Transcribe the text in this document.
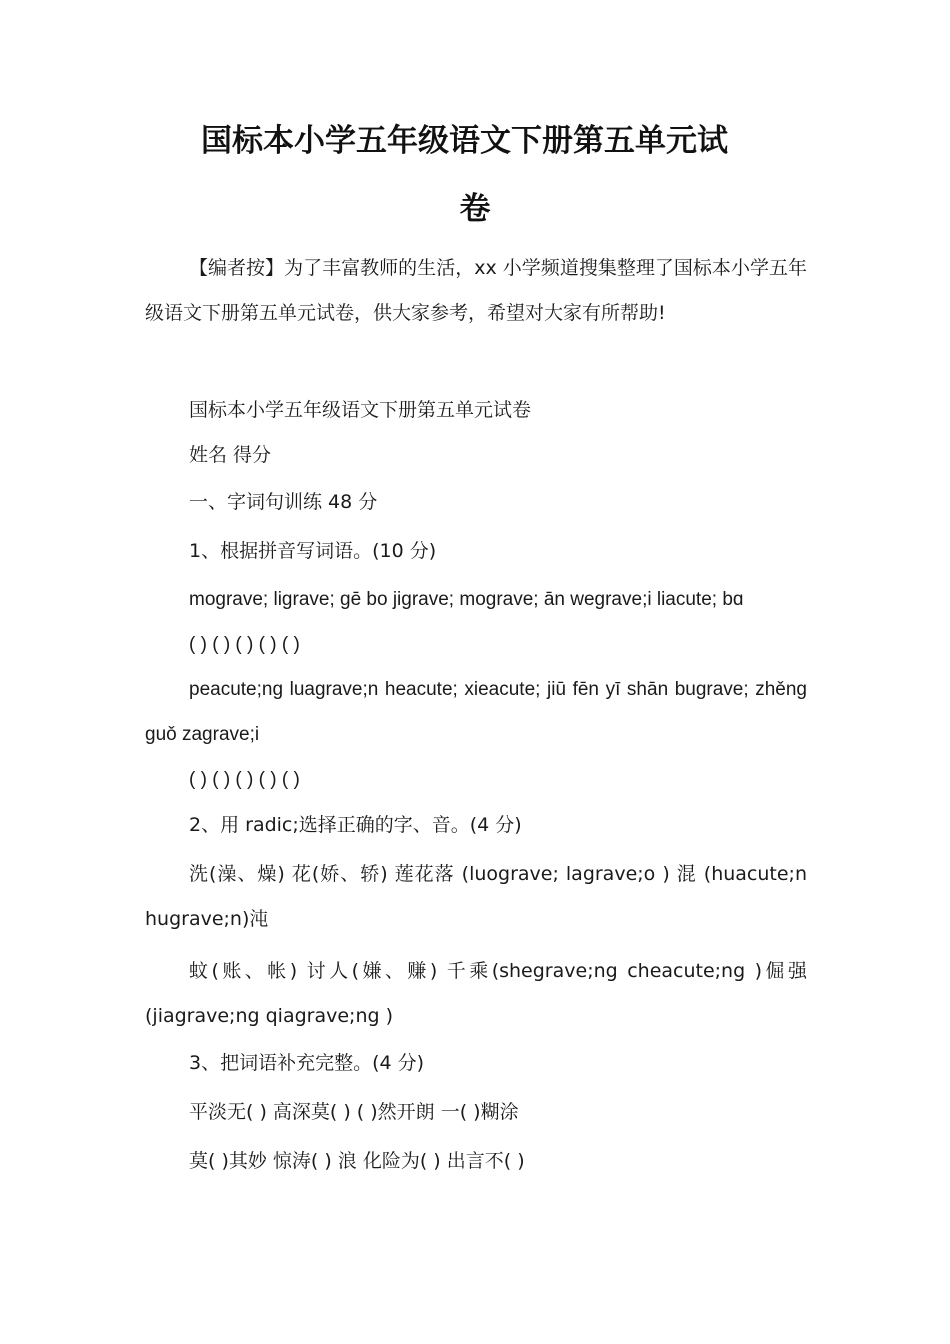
国标本小学五年级语文下册第五单元试
卷

【编者按】为了丰富教师的生活，xx 小学频道搜集整理了国标本小学五年级语文下册第五单元试卷，供大家参考，希望对大家有所帮助!

国标本小学五年级语文下册第五单元试卷

姓名 得分

一、字词句训练 48 分

1、根据拼音写词语。(10 分)

mograve; ligrave; gē bo jigrave; mograve; ān wegrave;i liacute; bɑ

( ) ( ) ( ) ( ) ( )

peacute;ng luagrave;n heacute; xieacute; jiū fēn yī shān bugrave; zhěng guǒ zagrave;i

( ) ( ) ( ) ( ) ( )

2、用 radic;选择正确的字、音。(4 分)

洗(澡、燥) 花(娇、轿) 莲花落 (luograve; lagrave;o ) 混 (huacute;n hugrave;n)沌

蚊(账、帐) 讨人(嫌、赚) 千乘(shegrave;ng cheacute;ng )倔强(jiagrave;ng qiagrave;ng )

3、把词语补充完整。(4 分)

平淡无( ) 高深莫( ) ( )然开朗 一( )糊涂

莫( )其妙 惊涛( ) 浪 化险为( ) 出言不( )
